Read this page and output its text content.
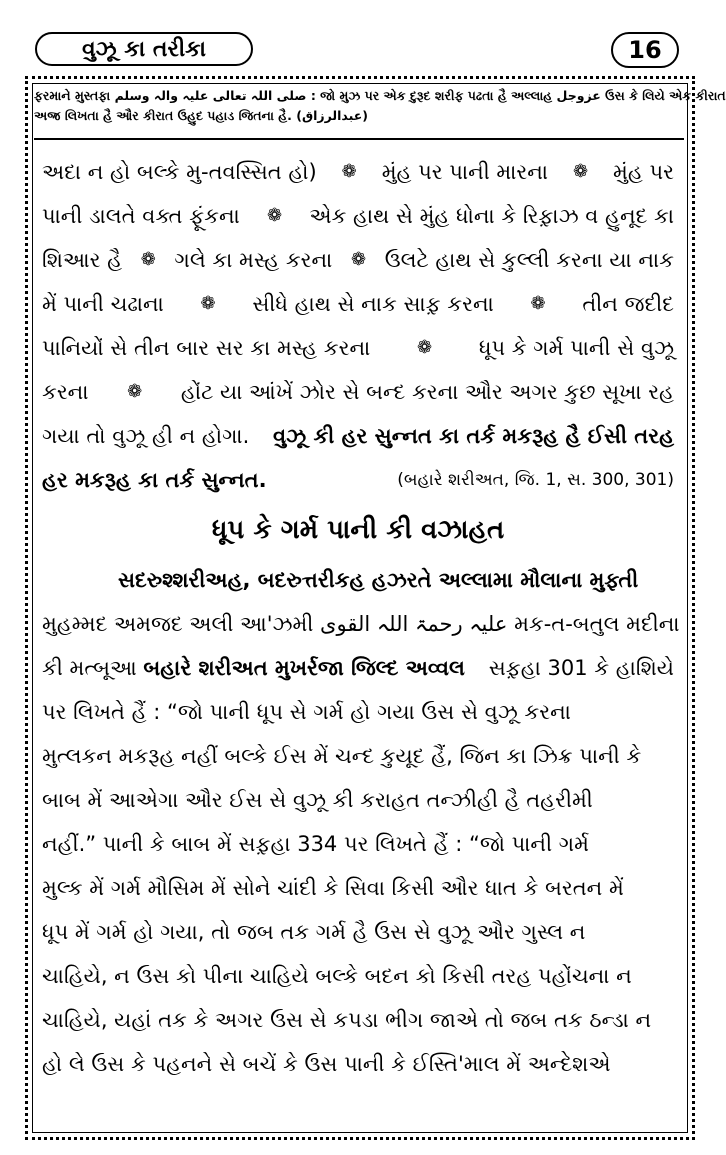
વુઝૂ કા તરીકા	16
ફરમાને મુસ્તફા صلی اللہ تعالی علیہ والہ وسلم : જો મુઝ પર એક દુરૂદ શરીફ પઢતા હૈ અલ્લાહ عزوجل ઉસ કે લિયે એક કીરાત
અજ્ર લિખતા હૈ ઔર કીરાત ઉહુદ પહાડ જિતના હૈ. (عبدالرزاق)
અદા ન હો બલ્કે મુ-તવસ્સિત હો) ❁ મુંહ પર પાની મારના ❁ મુંહ પર
પાની ડાલતે વક્ત ફૂંકના ❁ એક હાથ સે મુંહ ધોના કે રિફ઼ાઝ વ હુનૂદ કા
શિઆર હૈ ❁ ગલે કા મસ્હ કરના ❁ ઉલટે હાથ સે કુલ્લી કરના યા નાક
મેં પાની ચઢાના ❁ સીધે હાથ સે નાક સાફ઼ કરના ❁ તીન જદીદ
પાનિયોં સે તીન બાર સર કા મસ્હ કરના	❁ ધૂપ કે ગર્મ પાની સે વુઝૂ
કરના ❁ હોંટ યા આંખેં ઝોર સે બન્દ કરના ઔર અગર કુછ સૂખા રહ
ગયા તો વુઝૂ હી ન હોગા. વુઝૂ કી હર સુન્નત કા તર્ક મકરૂહ હૈ ઈસી તરહ
હર મકરૂહ કા તર્ક સુન્નત.	(બહારે શરીઅત, જિ. 1, સ. 300, 301)
ધૂપ કે ગર્મ પાની કી વઝાહત
સદરુશ્શરીઅહ, બદરુત્તરીકહ હઝરતે અલ્લામા મૌલાના મુફ્તી
મુહમ્મદ અમજદ અલી આ'ઝમી علیہ رحمۃ اللہ القوی મક-ત-બતુલ મદીના
કી મત્બૂઆ બહારે શરીઅત મુખર્રજા જિલ્દ અવ્વલ સફ઼હા 301 કે હાશિયે
પર લિખતે હૈં : “જો પાની ધૂપ સે ગર્મ હો ગયા ઉસ સે વુઝૂ કરના
મુત્લકન મકરૂહ નહીં બલ્કે ઈસ મેં ચન્દ કુયૂદ હૈં, જિન કા ઝિક્ર પાની કે
બાબ મેં આએગા ઔર ઈસ સે વુઝૂ કી કરાહત તન્ઝીહી હૈ તહરીમી
નહીં.” પાની કે બાબ મેં સફ઼હા 334 પર લિખતે હૈં : “જો પાની ગર્મ
મુલ્ક મેં ગર્મ મૌસિમ મેં સોને ચાંદી કે સિવા કિસી ઔર ધાત કે બરતન મેં
ધૂપ મેં ગર્મ હો ગયા, તો જબ તક ગર્મ હૈ ઉસ સે વુઝૂ ઔર ગુસ્લ ન
ચાહિયે, ન ઉસ કો પીના ચાહિયે બલ્કે બદન કો કિસી તરહ પહોંચના ન
ચાહિયે, યહાં તક કે અગર ઉસ સે કપડા ભીગ જાએ તો જબ તક ઠન્ડા ન
હો લે ઉસ કે પહનને સે બચેં કે ઉસ પાની કે ઈસ્તિ'માલ મેં અન્દેશએ
